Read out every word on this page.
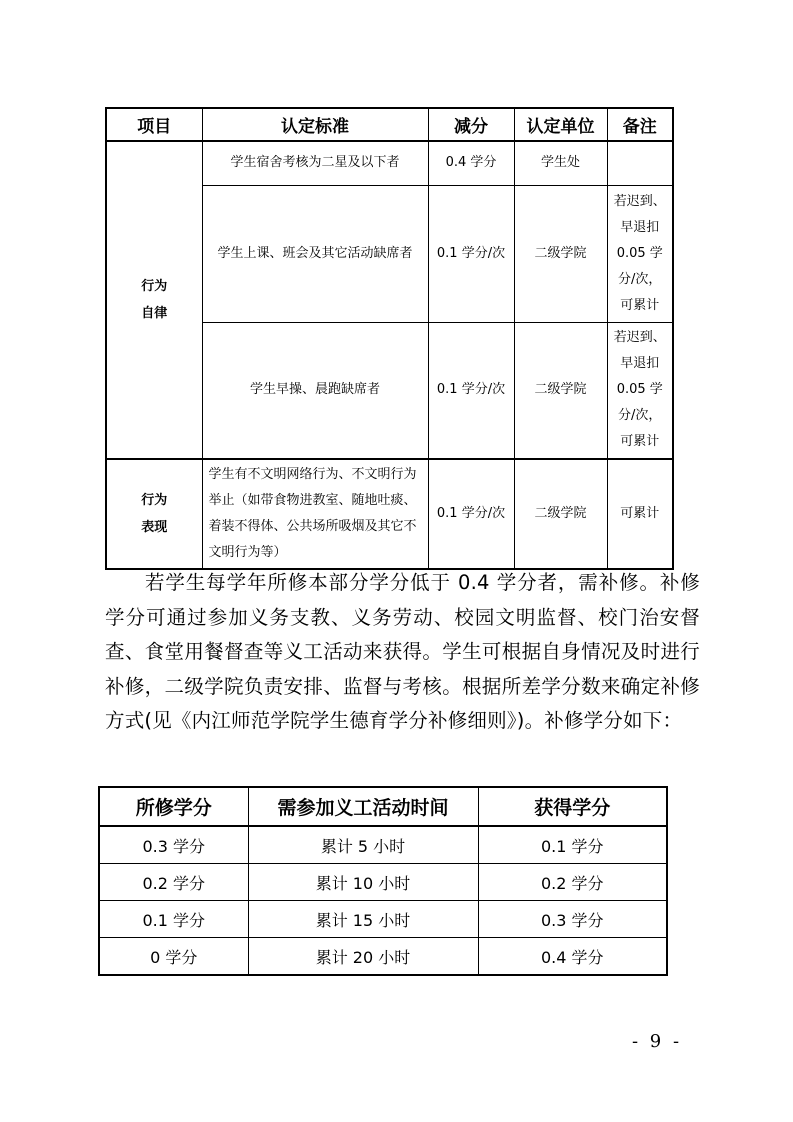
项目	认定标准	减分	认定单位	备注

行为
自律	学生宿舍考核为二星及以下者	0.4 学分	学生处	
	学生上课、班会及其它活动缺席者	0.1 学分/次	二级学院	若迟到、
早退扣
0.05 学
分/次，
可累计

	学生早操、晨跑缺席者	0.1 学分/次	二级学院	若迟到、
早退扣
0.05 学
分/次，
可累计

行为
表现	学生有不文明网络行为、不文明行为举止（如带食物进教室、随地吐痰、着装不得体、公共场所吸烟及其它不文明行为等）	0.1 学分/次	二级学院	可累计

若学生每学年所修本部分学分低于 0.4 学分者，需补修。补修学分可通过参加义务支教、义务劳动、校园文明监督、校门治安督查、食堂用餐督查等义工活动来获得。学生可根据自身情况及时进行补修，二级学院负责安排、监督与考核。根据所差学分数来确定补修方式(见《内江师范学院学生德育学分补修细则》)。补修学分如下：

所修学分	需参加义工活动时间	获得学分
0.3 学分	累计 5 小时	0.1 学分
0.2 学分	累计 10 小时	0.2 学分
0.1 学分	累计 15 小时	0.3 学分
0 学分	累计 20 小时	0.4 学分
- 9 -
